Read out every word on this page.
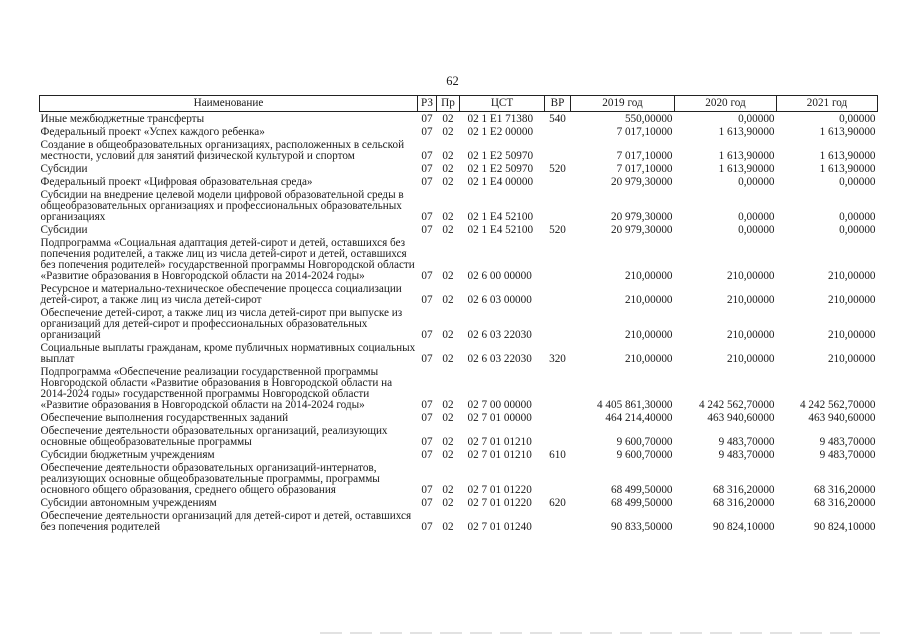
62
Наименование	РЗ	Пр	ЦСТ	ВР	2019 год	2020 год	2021 год
Иные межбюджетные трансферты	07	02	02 1 E1 71380	540	550,00000	0,00000	0,00000
Федеральный проект «Успех каждого ребенка»	07	02	02 1 E2 00000		7 017,10000	1 613,90000	1 613,90000
Создание в общеобразовательных организациях, расположенных в сельской местности, условий для занятий физической культурой и спортом	07	02	02 1 E2 50970		7 017,10000	1 613,90000	1 613,90000
Субсидии	07	02	02 1 E2 50970	520	7 017,10000	1 613,90000	1 613,90000
Федеральный проект «Цифровая образовательная среда»	07	02	02 1 E4 00000		20 979,30000	0,00000	0,00000
Субсидии на внедрение целевой модели цифровой образовательной среды в общеобразовательных организациях и профессиональных образовательных организациях	07	02	02 1 E4 52100		20 979,30000	0,00000	0,00000
Субсидии	07	02	02 1 E4 52100	520	20 979,30000	0,00000	0,00000
Подпрограмма «Социальная адаптация детей-сирот и детей, оставшихся без попечения родителей, а также лиц из числа детей-сирот и детей, оставшихся без попечения родителей» государственной программы Новгородской области «Развитие образования в Новгородской области на 2014-2024 годы»	07	02	02 6 00 00000		210,00000	210,00000	210,00000
Ресурсное и материально-техническое обеспечение процесса социализации детей-сирот, а также лиц из числа детей-сирот	07	02	02 6 03 00000		210,00000	210,00000	210,00000
Обеспечение детей-сирот, а также лиц из числа детей-сирот при выпуске из организаций для детей-сирот и профессиональных образовательных организаций	07	02	02 6 03 22030		210,00000	210,00000	210,00000
Социальные выплаты гражданам, кроме публичных нормативных социальных выплат	07	02	02 6 03 22030	320	210,00000	210,00000	210,00000
Подпрограмма «Обеспечение реализации государственной программы Новгородской области «Развитие образования в Новгородской области на 2014-2024 годы» государственной программы Новгородской области «Развитие образования в Новгородской области на 2014-2024 годы»	07	02	02 7 00 00000		4 405 861,30000	4 242 562,70000	4 242 562,70000
Обеспечение выполнения государственных заданий	07	02	02 7 01 00000		464 214,40000	463 940,60000	463 940,60000
Обеспечение деятельности образовательных организаций, реализующих основные общеобразовательные программы	07	02	02 7 01 01210		9 600,70000	9 483,70000	9 483,70000
Субсидии бюджетным учреждениям	07	02	02 7 01 01210	610	9 600,70000	9 483,70000	9 483,70000
Обеспечение деятельности образовательных организаций-интернатов, реализующих основные общеобразовательные программы, программы основного общего образования, среднего общего образования	07	02	02 7 01 01220		68 499,50000	68 316,20000	68 316,20000
Субсидии автономным учреждениям	07	02	02 7 01 01220	620	68 499,50000	68 316,20000	68 316,20000
Обеспечение деятельности организаций для детей-сирот и детей, оставшихся без попечения родителей	07	02	02 7 01 01240		90 833,50000	90 824,10000	90 824,10000
